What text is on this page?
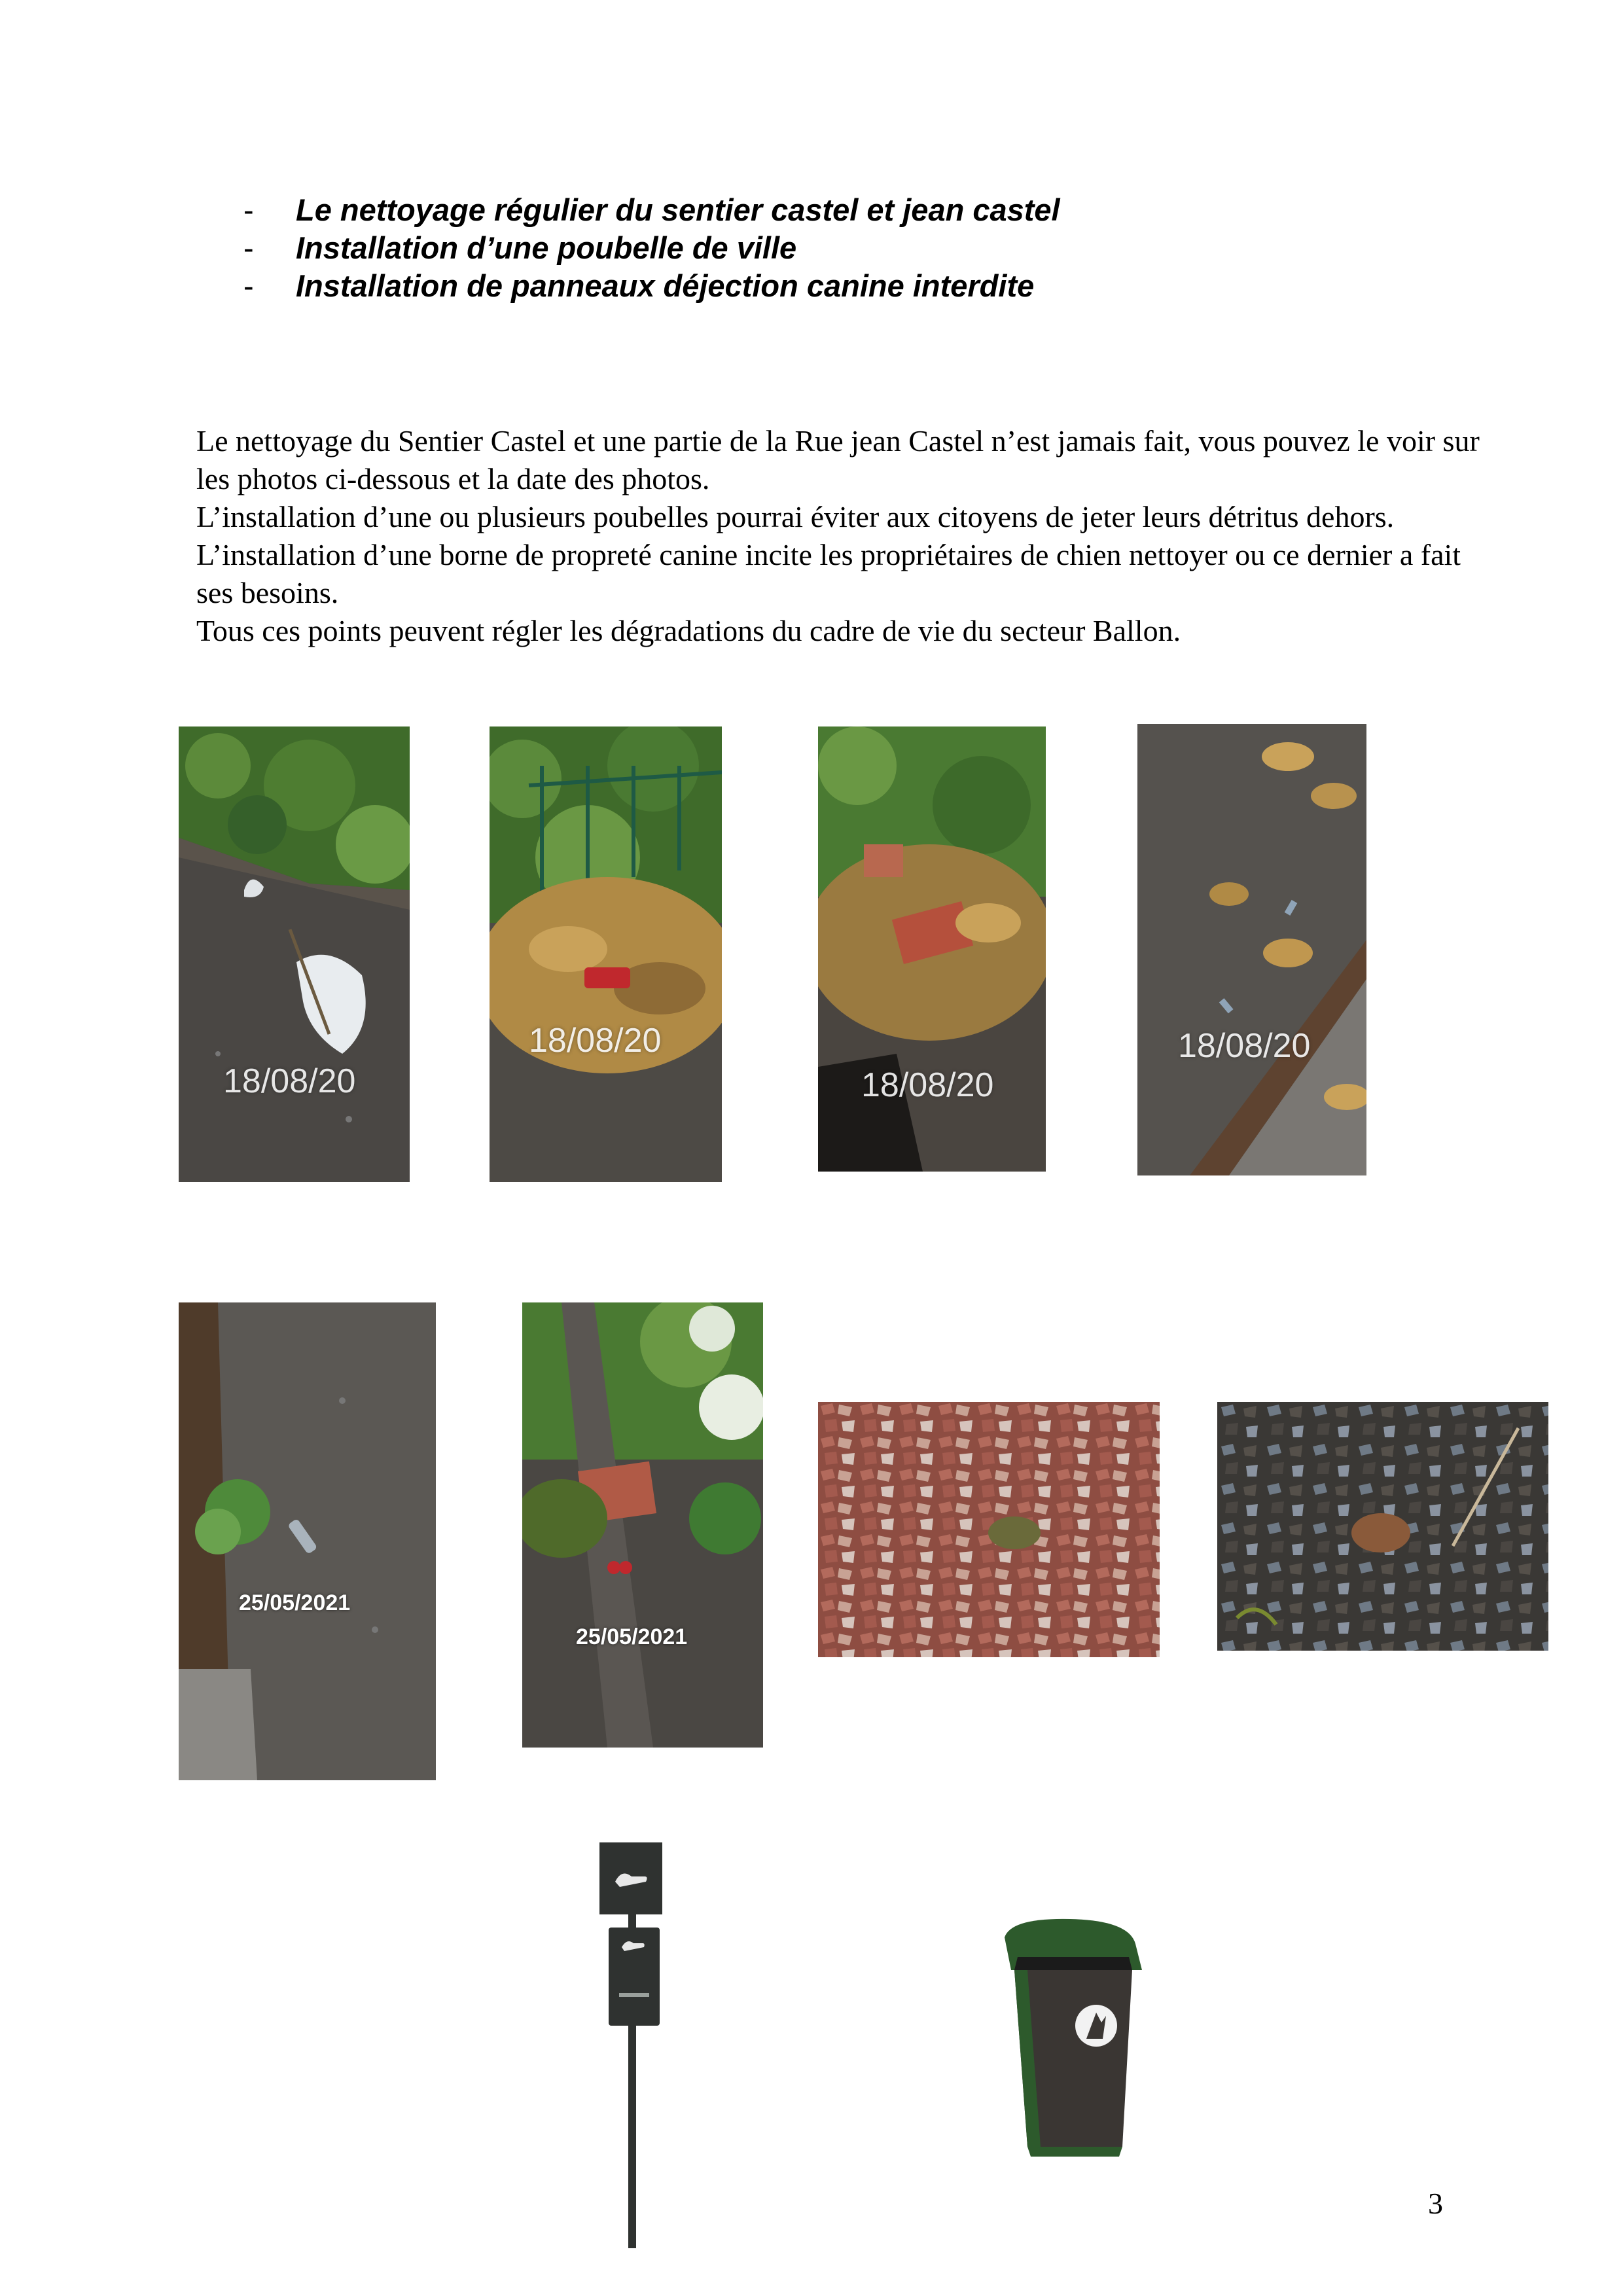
- Le nettoyage régulier du sentier castel et jean castel
- Installation d’une poubelle de ville
- Installation de panneaux déjection canine interdite

Le nettoyage du Sentier Castel et une partie de la Rue jean Castel n’est jamais fait, vous pouvez le voir sur les photos ci-dessous et la date des photos.

L’installation d’une ou plusieurs poubelles pourrai éviter aux citoyens de jeter leurs détritus dehors.

L’installation d’une borne de propreté canine incite les propriétaires de chien nettoyer ou ce dernier a fait ses besoins.

Tous ces points peuvent régler les dégradations du cadre de vie du secteur Ballon.

18/08/20
18/08/20
18/08/20
18/08/20
25/05/2021
25/05/2021
3
